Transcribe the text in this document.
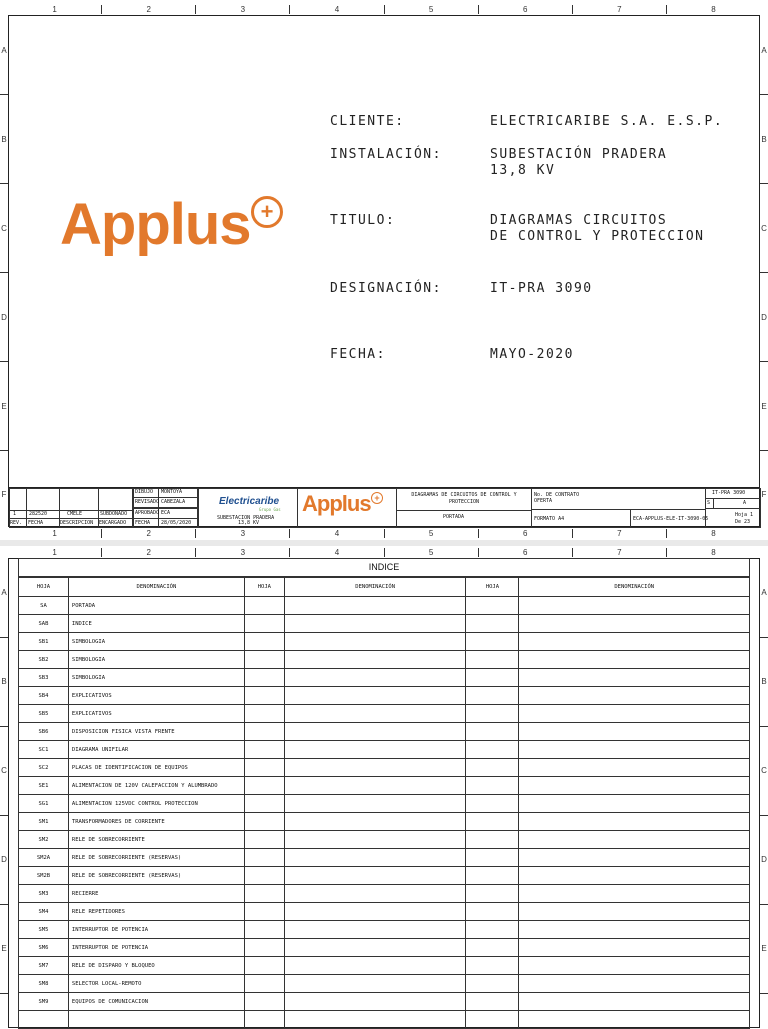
1	2	3	4	5	6	7	8
A	A
B	B
C	C
D	D
E	E
F	F
Applus +
CLIENTE:	ELECTRICARIBE S.A. E.S.P.
INSTALACIÓN:	SUBESTACIÓN PRADERA
13,8 KV
TITULO:	DIAGRAMAS CIRCUITOS
DE CONTROL Y PROTECCION
DESIGNACIÓN:	IT-PRA 3090
FECHA:	MAYO-2020
1	282520	CMELE	SUBDONADO
REV. FECHA	DESCRIPCION ENCARGADO
DIBUJO MONTOYA
REVISADO CABEZALA
APROBADO ECA
FECHA 28/05/2020
Electricaribe
Grupo Gas
SUBESTACIÓN PRADERA
13,8 KV
Applus +	DIAGRAMAS DE CIRCUITOS DE CONTROL Y PROTECCION
PORTADA
No. DE CONTRATO
OFERTA
FORMATO A4	ECA-APPLUS-ELE-IT-3090-05
IT-PRA 3090
S	A
Hoja 1
De 23
1	2	3	4	5	6	7	8
1	2	3	4	5	6	7	8
A	A
B	B
C	C
D	D
E	E
INDICE
HOJA	DENOMINACIÓN	HOJA	DENOMINACIÓN	HOJA	DENOMINACIÓN
SA	PORTADA				
SAB	INDICE				
SB1	SIMBOLOGIA				
SB2	SIMBOLOGIA				
SB3	SIMBOLOGIA				
SB4	EXPLICATIVOS				
SB5	EXPLICATIVOS				
SB6	DISPOSICION FISICA VISTA FRENTE				
SC1	DIAGRAMA UNIFILAR				
SC2	PLACAS DE IDENTIFICACION DE EQUIPOS				
SE1	ALIMENTACION DE 120V CALEFACCION Y ALUMBRADO				
SG1	ALIMENTACION 125VDC CONTROL PROTECCION				
SM1	TRANSFORMADORES DE CORRIENTE				
SM2	RELE DE SOBRECORRIENTE				
SM2A	RELE DE SOBRECORRIENTE (RESERVAS)				
SM2B	RELE DE SOBRECORRIENTE (RESERVAS)				
SM3	RECIERRE				
SM4	RELE REPETIDORES				
SM5	INTERRUPTOR DE POTENCIA				
SM6	INTERRUPTOR DE POTENCIA				
SM7	RELE DE DISPARO Y BLOQUEO				
SM8	SELECTOR LOCAL-REMOTO				
SM9	EQUIPOS DE COMUNICACION				
